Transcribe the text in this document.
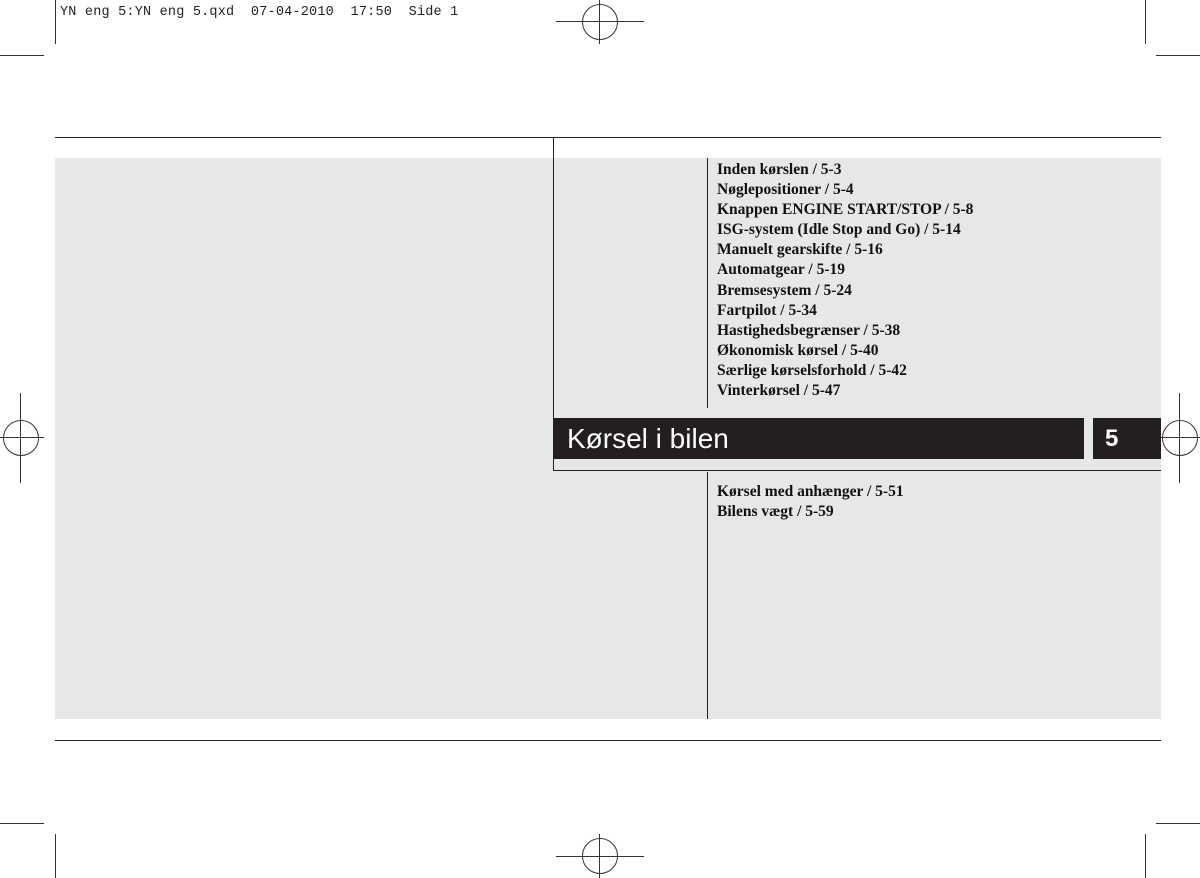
YN eng 5:YN eng 5.qxd  07-04-2010  17:50  Side 1
Inden kørslen / 5-3
Nøglepositioner / 5-4
Knappen ENGINE START/STOP / 5-8
ISG-system (Idle Stop and Go) / 5-14
Manuelt gearskifte / 5-16
Automatgear / 5-19
Bremsesystem / 5-24
Fartpilot / 5-34
Hastighedsbegrænser / 5-38
Økonomisk kørsel / 5-40
Særlige kørselsforhold / 5-42
Vinterkørsel / 5-47
Kørsel i bilen	5
Kørsel med anhænger / 5-51
Bilens vægt / 5-59
